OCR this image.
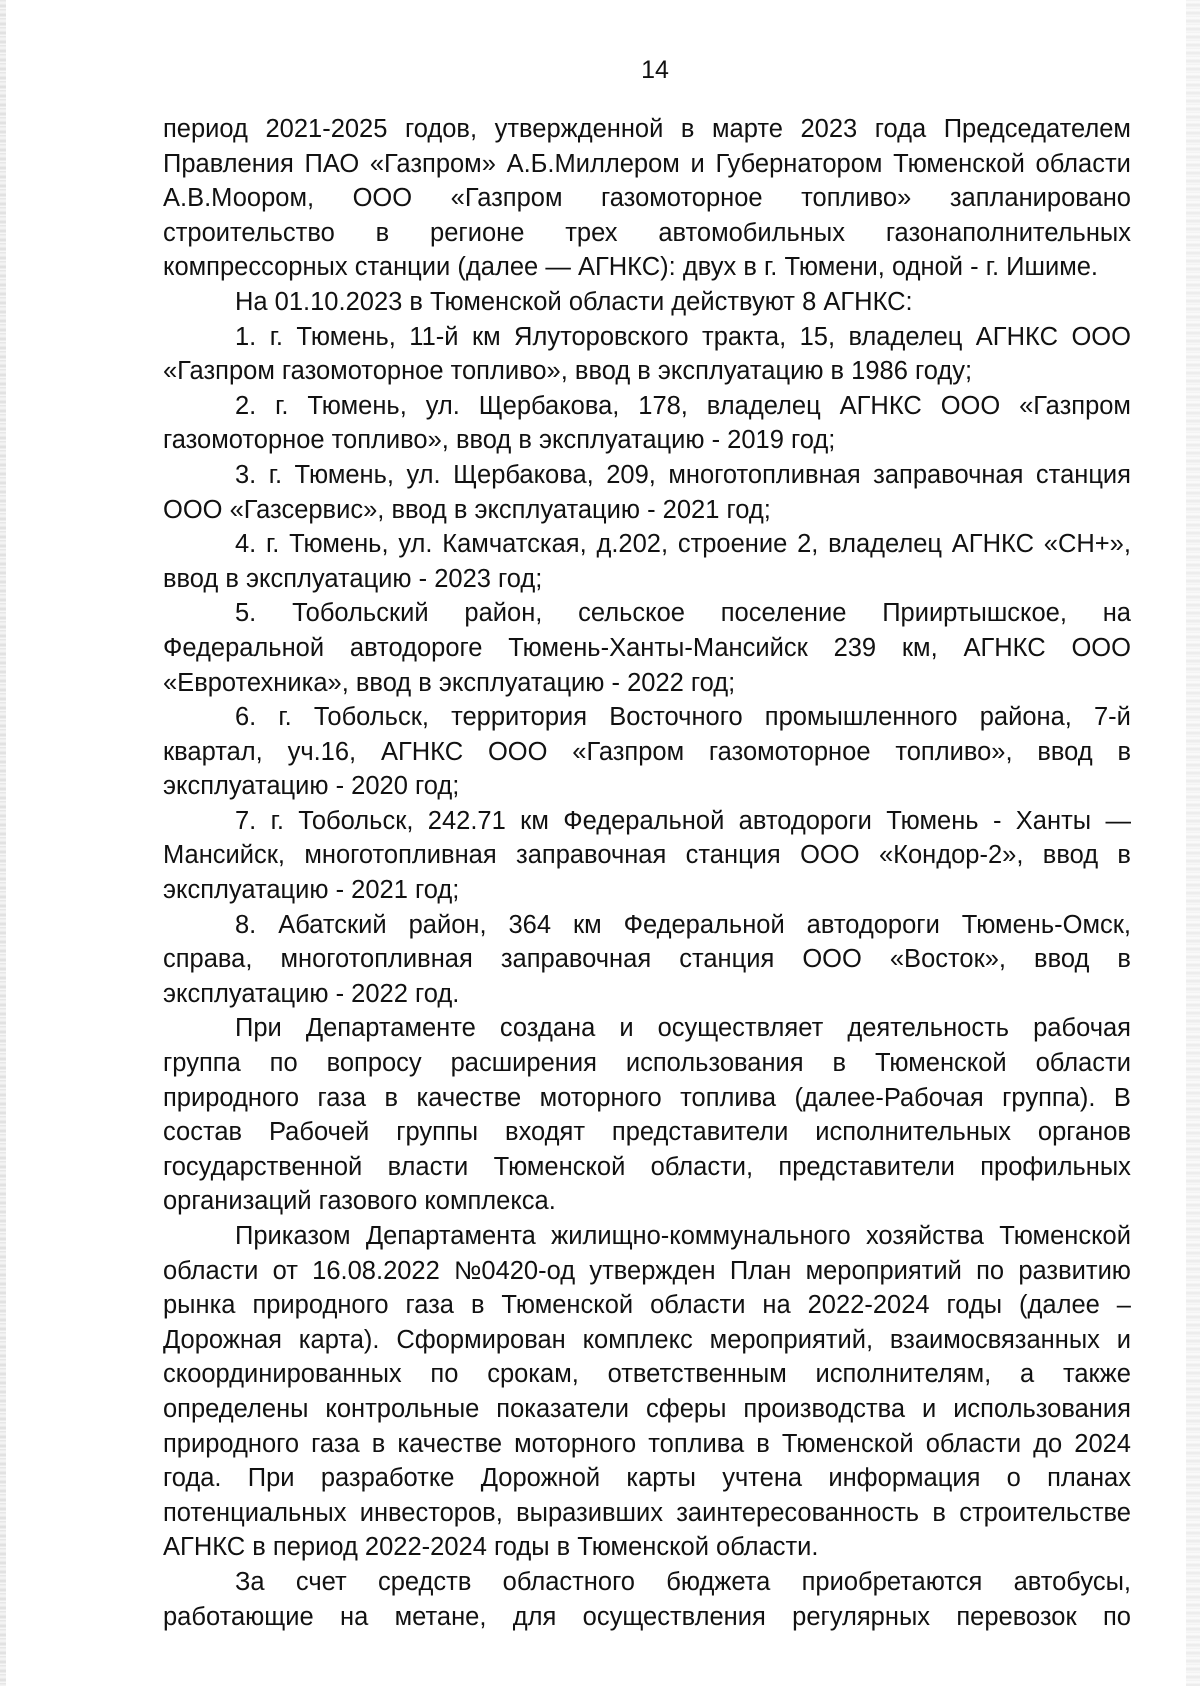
14
период 2021-2025 годов, утвержденной в марте 2023 года Председателем
Правления ПАО «Газпром» А.Б.Миллером и Губернатором Тюменской области
А.В.Моором, ООО «Газпром газомоторное топливо» запланировано
строительство в регионе трех автомобильных газонаполнительных
компрессорных станции (далее — АГНКС): двух в г. Тюмени, одной - г. Ишиме.
На 01.10.2023 в Тюменской области действуют 8 АГНКС:
1. г. Тюмень, 11-й км Ялуторовского тракта, 15, владелец АГНКС ООО
«Газпром газомоторное топливо», ввод в эксплуатацию в 1986 году;
2. г. Тюмень, ул. Щербакова, 178, владелец АГНКС ООО «Газпром
газомоторное топливо», ввод в эксплуатацию - 2019 год;
3. г. Тюмень, ул. Щербакова, 209, многотопливная заправочная станция
ООО «Газсервис», ввод в эксплуатацию - 2021 год;
4. г. Тюмень, ул. Камчатская, д.202, строение 2, владелец АГНКС «СН+»,
ввод в эксплуатацию - 2023 год;
5. Тобольский район, сельское поселение Прииртышское, на
Федеральной автодороге Тюмень-Ханты-Мансийск 239 км, АГНКС ООО
«Евротехника», ввод в эксплуатацию - 2022 год;
6. г. Тобольск, территория Восточного промышленного района, 7-й
квартал, уч.16, АГНКС ООО «Газпром газомоторное топливо», ввод в
эксплуатацию - 2020 год;
7. г. Тобольск, 242.71 км Федеральной автодороги Тюмень - Ханты —
Мансийск, многотопливная заправочная станция ООО «Кондор-2», ввод в
эксплуатацию - 2021 год;
8. Абатский район, 364 км Федеральной автодороги Тюмень-Омск,
справа, многотопливная заправочная станция ООО «Восток», ввод в
эксплуатацию - 2022 год.
При Департаменте создана и осуществляет деятельность рабочая
группа по вопросу расширения использования в Тюменской области
природного газа в качестве моторного топлива (далее-Рабочая группа). В
состав Рабочей группы входят представители исполнительных органов
государственной власти Тюменской области, представители профильных
организаций газового комплекса.
Приказом Департамента жилищно-коммунального хозяйства Тюменской
области от 16.08.2022 №0420-од утвержден План мероприятий по развитию
рынка природного газа в Тюменской области на 2022-2024 годы (далее –
Дорожная карта). Сформирован комплекс мероприятий, взаимосвязанных и
скоординированных по срокам, ответственным исполнителям, а также
определены контрольные показатели сферы производства и использования
природного газа в качестве моторного топлива в Тюменской области до 2024
года. При разработке Дорожной карты учтена информация о планах
потенциальных инвесторов, выразивших заинтересованность в строительстве
АГНКС в период 2022-2024 годы в Тюменской области.
За счет средств областного бюджета приобретаются автобусы,
работающие на метане, для осуществления регулярных перевозок по
